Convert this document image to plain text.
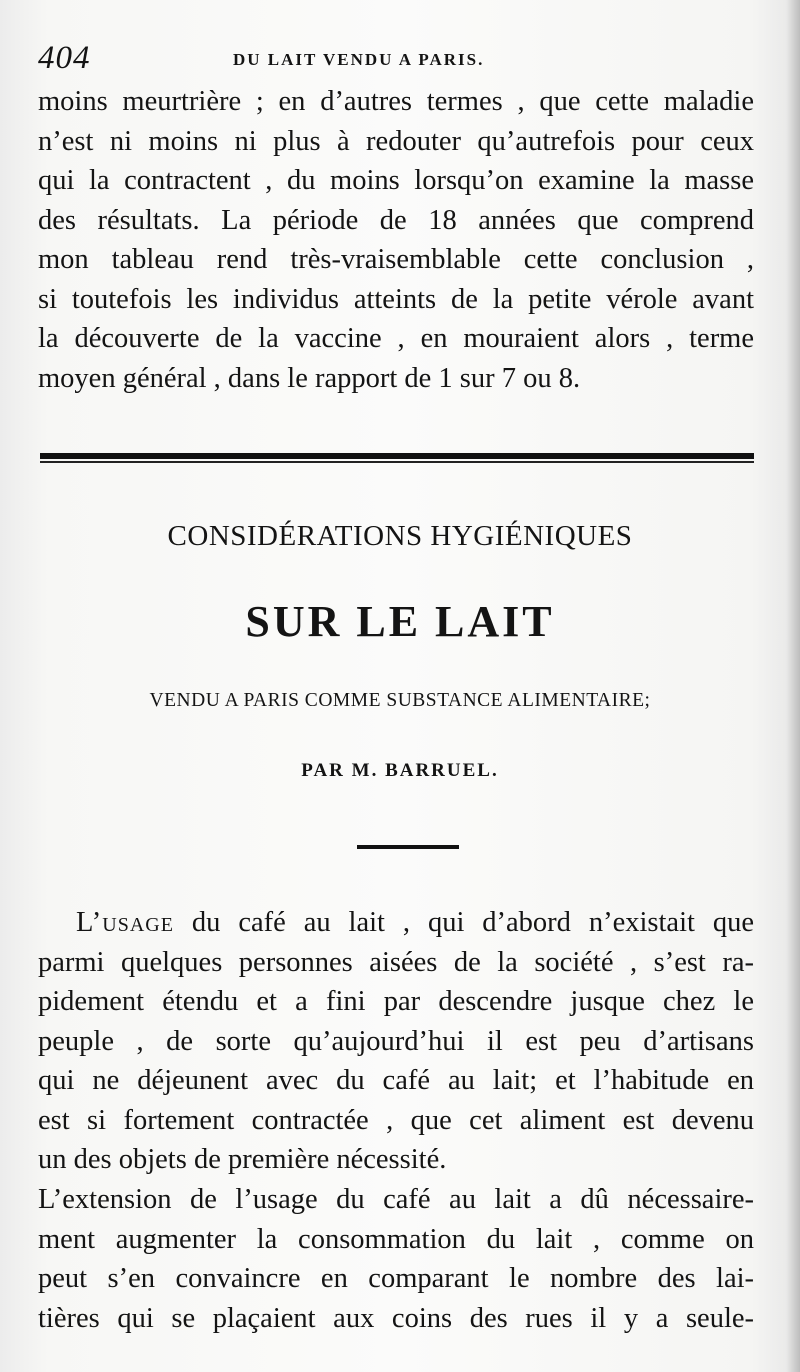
404	DU LAIT VENDU A PARIS.
moins meurtrière ; en d’autres termes , que cette maladie
n’est ni moins ni plus à redouter qu’autrefois pour ceux
qui la contractent , du moins lorsqu’on examine la masse
des résultats. La période de 18 années que comprend
mon tableau rend très-vraisemblable cette conclusion ,
si toutefois les individus atteints de la petite vérole avant
la découverte de la vaccine , en mouraient alors , terme
moyen général , dans le rapport de 1 sur 7 ou 8.
CONSIDÉRATIONS HYGIÉNIQUES
SUR LE LAIT
VENDU A PARIS COMME SUBSTANCE ALIMENTAIRE;
PAR M. BARRUEL.
L’usage du café au lait , qui d’abord n’existait que
parmi quelques personnes aisées de la société , s’est ra-
pidement étendu et a fini par descendre jusque chez le
peuple , de sorte qu’aujourd’hui il est peu d’artisans
qui ne déjeunent avec du café au lait; et l’habitude en
est si fortement contractée , que cet aliment est devenu
un des objets de première nécessité.
L’extension de l’usage du café au lait a dû nécessaire-
ment augmenter la consommation du lait , comme on
peut s’en convaincre en comparant le nombre des lai-
tières qui se plaçaient aux coins des rues il y a seule-
